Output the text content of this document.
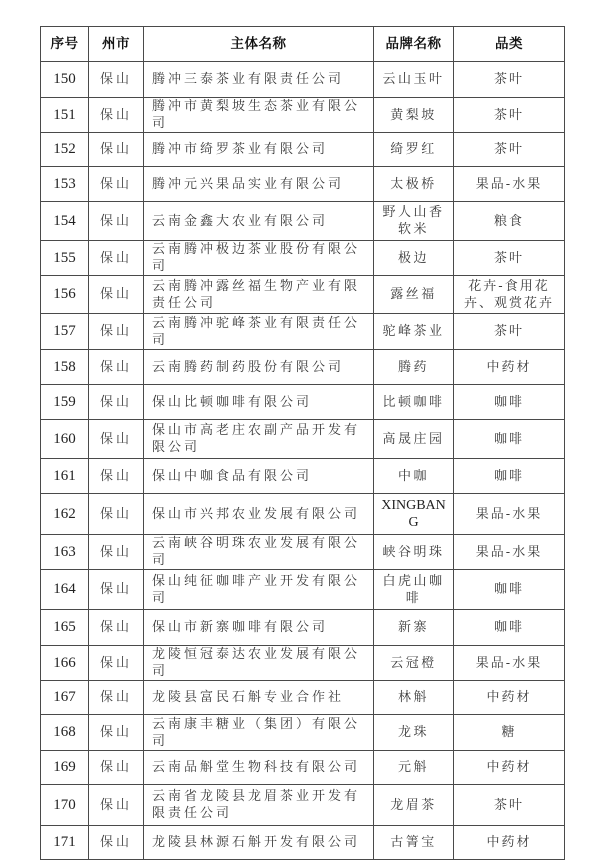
序号	州市	主体名称	品牌名称	品类
150	保山	腾冲三泰茶业有限责任公司	云山玉叶	茶叶
151	保山	腾冲市黄梨坡生态茶业有限公司	黄梨坡	茶叶
152	保山	腾冲市绮罗茶业有限公司	绮罗红	茶叶
153	保山	腾冲元兴果品实业有限公司	太极桥	果品-水果
154	保山	云南金鑫大农业有限公司	野人山香软米	粮食
155	保山	云南腾冲极边茶业股份有限公司	极边	茶叶
156	保山	云南腾冲露丝福生物产业有限责任公司	露丝福	花卉-食用花卉、观赏花卉
157	保山	云南腾冲驼峰茶业有限责任公司	驼峰茶业	茶叶
158	保山	云南腾药制药股份有限公司	腾药	中药材
159	保山	保山比顿咖啡有限公司	比顿咖啡	咖啡
160	保山	保山市高老庄农副产品开发有限公司	高晟庄园	咖啡
161	保山	保山中咖食品有限公司	中咖	咖啡
162	保山	保山市兴邦农业发展有限公司	XINGBANG	果品-水果
163	保山	云南峡谷明珠农业发展有限公司	峡谷明珠	果品-水果
164	保山	保山纯征咖啡产业开发有限公司	白虎山咖啡	咖啡
165	保山	保山市新寨咖啡有限公司	新寨	咖啡
166	保山	龙陵恒冠泰达农业发展有限公司	云冠橙	果品-水果
167	保山	龙陵县富民石斛专业合作社	林斛	中药材
168	保山	云南康丰糖业（集团）有限公司	龙珠	糖
169	保山	云南品斛堂生物科技有限公司	元斛	中药材
170	保山	云南省龙陵县龙眉茶业开发有限责任公司	龙眉茶	茶叶
171	保山	龙陵县林源石斛开发有限公司	古箐宝	中药材
